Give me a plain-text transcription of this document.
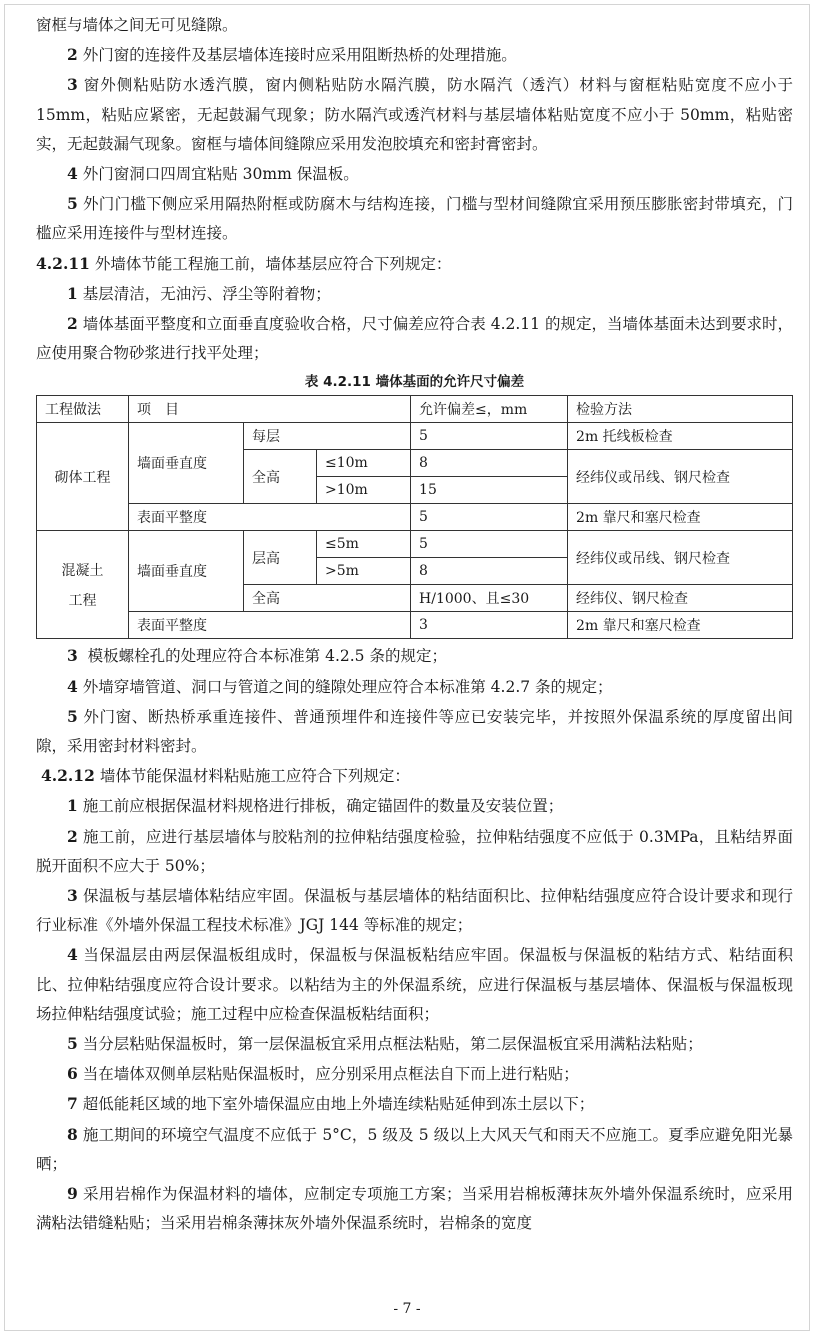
窗框与墙体之间无可见缝隙。

2 外门窗的连接件及基层墙体连接时应采用阻断热桥的处理措施。

3 窗外侧粘贴防水透汽膜，窗内侧粘贴防水隔汽膜，防水隔汽（透汽）材料与窗框粘贴宽度不应小于 15mm，粘贴应紧密，无起鼓漏气现象；防水隔汽或透汽材料与基层墙体粘贴宽度不应小于 50mm，粘贴密实，无起鼓漏气现象。窗框与墙体间缝隙应采用发泡胶填充和密封膏密封。

4 外门窗洞口四周宜粘贴 30mm 保温板。

5 外门门槛下侧应采用隔热附框或防腐木与结构连接，门槛与型材间缝隙宜采用预压膨胀密封带填充，门槛应采用连接件与型材连接。

4.2.11 外墙体节能工程施工前，墙体基层应符合下列规定：

1 基层清洁，无油污、浮尘等附着物；

2 墙体基面平整度和立面垂直度验收合格，尺寸偏差应符合表 4.2.11 的规定，当墙体基面未达到要求时，应使用聚合物砂浆进行找平处理；

表 4.2.11 墙体基面的允许尺寸偏差
工程做法	项　目			允许偏差≤，mm	检验方法
砌体工程	墙面垂直度	每层		5	2m 托线板检查
		全高	≤10m	8	经纬仪或吊线、钢尺检查
			>10m	15	
	表面平整度			5	2m 靠尺和塞尺检查

混凝土
工程	墙面垂直度	层高	≤5m	5	经纬仪或吊线、钢尺检查
			>5m	8	
		全高		H/1000、且≤30	经纬仪、钢尺检查
	表面平整度			3	2m 靠尺和塞尺检查

3 模板螺栓孔的处理应符合本标准第 4.2.5 条的规定；

4 外墙穿墙管道、洞口与管道之间的缝隙处理应符合本标准第 4.2.7 条的规定；

5 外门窗、断热桥承重连接件、普通预埋件和连接件等应已安装完毕，并按照外保温系统的厚度留出间隙，采用密封材料密封。

4.2.12 墙体节能保温材料粘贴施工应符合下列规定：

1 施工前应根据保温材料规格进行排板，确定锚固件的数量及安装位置；

2 施工前，应进行基层墙体与胶粘剂的拉伸粘结强度检验，拉伸粘结强度不应低于 0.3MPa，且粘结界面脱开面积不应大于 50%；

3 保温板与基层墙体粘结应牢固。保温板与基层墙体的粘结面积比、拉伸粘结强度应符合设计要求和现行行业标准《外墙外保温工程技术标准》JGJ 144 等标准的规定；

4 当保温层由两层保温板组成时，保温板与保温板粘结应牢固。保温板与保温板的粘结方式、粘结面积比、拉伸粘结强度应符合设计要求。以粘结为主的外保温系统，应进行保温板与基层墙体、保温板与保温板现场拉伸粘结强度试验；施工过程中应检查保温板粘结面积；

5 当分层粘贴保温板时，第一层保温板宜采用点框法粘贴，第二层保温板宜采用满粘法粘贴；

6 当在墙体双侧单层粘贴保温板时，应分别采用点框法自下而上进行粘贴；

7 超低能耗区域的地下室外墙保温应由地上外墙连续粘贴延伸到冻土层以下；

8 施工期间的环境空气温度不应低于 5°C，5 级及 5 级以上大风天气和雨天不应施工。夏季应避免阳光暴晒；

9 采用岩棉作为保温材料的墙体，应制定专项施工方案；当采用岩棉板薄抹灰外墙外保温系统时，应采用满粘法错缝粘贴；当采用岩棉条薄抹灰外墙外保温系统时，岩棉条的宽度

- 7 -
